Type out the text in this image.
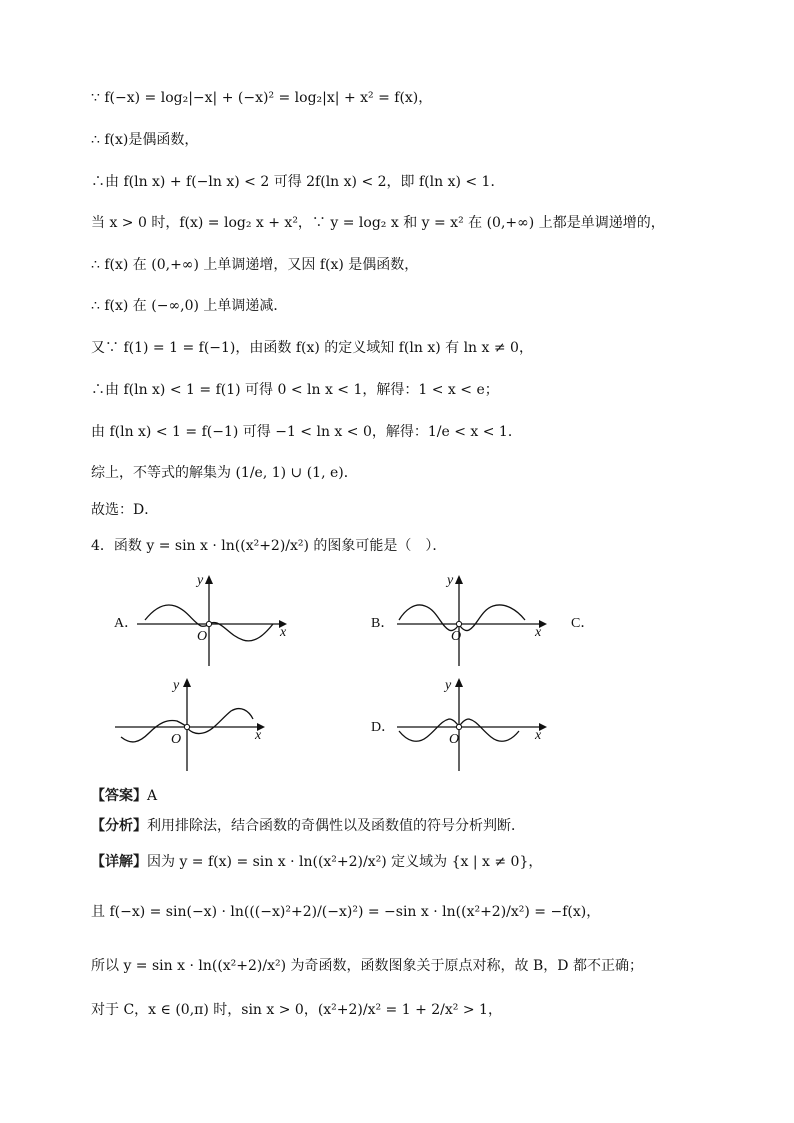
∵ f(−x) = log₂|−x| + (−x)² = log₂|x| + x² = f(x)，
∴ f(x)是偶函数，
∴由 f(ln x) + f(−ln x) < 2 可得 2f(ln x) < 2，即 f(ln x) < 1．
当 x > 0 时，f(x) = log₂ x + x²，∵ y = log₂ x 和 y = x² 在 (0,+∞) 上都是单调递增的，
∴ f(x) 在 (0,+∞) 上单调递增，又因 f(x) 是偶函数，
∴ f(x) 在 (−∞,0) 上单调递减．
又∵ f(1) = 1 = f(−1)，由函数 f(x) 的定义域知 f(ln x) 有 ln x ≠ 0，
∴由 f(ln x) < 1 = f(1) 可得 0 < ln x < 1，解得：1 < x < e；
由 f(ln x) < 1 = f(−1) 可得 −1 < ln x < 0，解得：1/e < x < 1．
综上，不等式的解集为 (1/e, 1) ∪ (1, e)．
故选：D．
4．函数 y = sin x · ln((x²+2)/x²) 的图象可能是（　）．
A．	B．	C．
D．
x
y
O	x
y
O
x
y
O	x
y
O
【答案】A
【分析】利用排除法，结合函数的奇偶性以及函数值的符号分析判断．
【详解】因为 y = f(x) = sin x · ln((x²+2)/x²) 定义域为 {x | x ≠ 0}，
且 f(−x) = sin(−x) · ln(((−x)²+2)/(−x)²) = −sin x · ln((x²+2)/x²) = −f(x)，
所以 y = sin x · ln((x²+2)/x²) 为奇函数，函数图象关于原点对称，故 B，D 都不正确；
对于 C，x ∈ (0,π) 时，sin x > 0，(x²+2)/x² = 1 + 2/x² > 1，
